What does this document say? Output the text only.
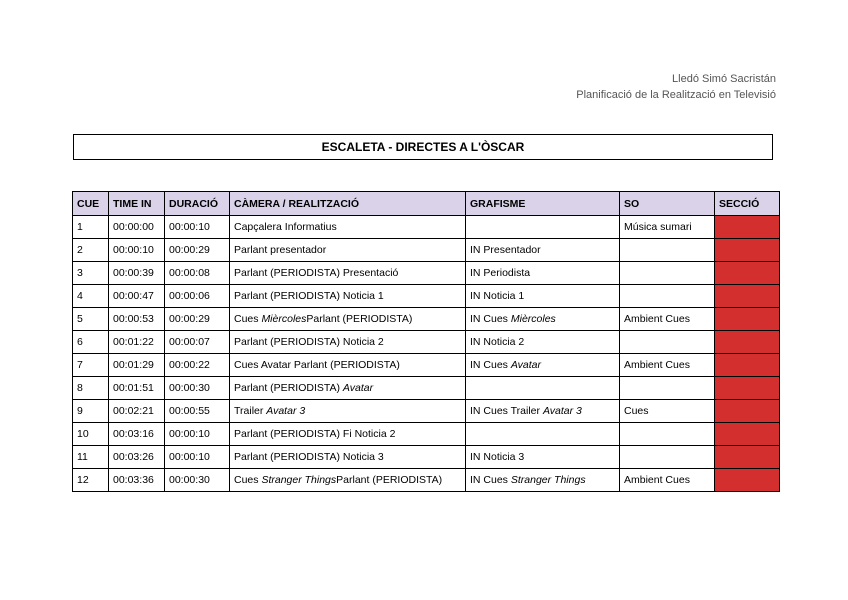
Lledó Simó Sacristán
Planificació de la Realització en Televisió
ESCALETA - DIRECTES A L'ÒSCAR
CUE	TIME IN	DURACIÓ	CÀMERA / REALITZACIÓ	GRAFISME	SO	SECCIÓ
1	00:00:00	00:00:10	Capçalera Informatius		Música sumari	
2	00:00:10	00:00:29	Parlant presentador	IN Presentador		
3	00:00:39	00:00:08	Parlant (PERIODISTA) Presentació	IN Periodista		
4	00:00:47	00:00:06	Parlant (PERIODISTA) Noticia 1	IN Noticia 1		
5	00:00:53	00:00:29	Cues MièrcolesParlant (PERIODISTA)	IN Cues Mièrcoles	Ambient Cues	
6	00:01:22	00:00:07	Parlant (PERIODISTA) Noticia 2	IN Noticia 2		
7	00:01:29	00:00:22	Cues Avatar Parlant (PERIODISTA)	IN Cues Avatar	Ambient Cues	
8	00:01:51	00:00:30	Parlant (PERIODISTA) Avatar			
9	00:02:21	00:00:55	Trailer Avatar 3	IN Cues Trailer Avatar 3	Cues	
10	00:03:16	00:00:10	Parlant (PERIODISTA) Fi Noticia 2			
11	00:03:26	00:00:10	Parlant (PERIODISTA) Noticia 3	IN Noticia 3		
12	00:03:36	00:00:30	Cues Stranger ThingsParlant (PERIODISTA)	IN Cues Stranger Things	Ambient Cues	
